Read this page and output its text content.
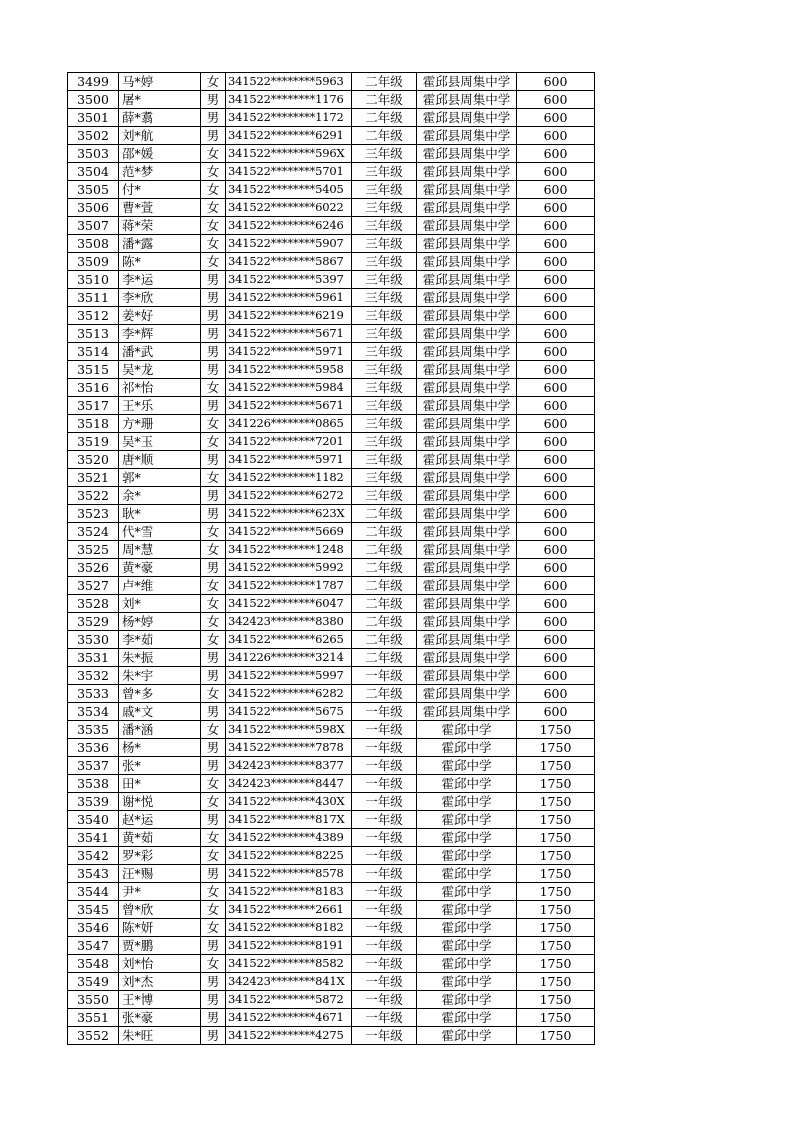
3499	马*婷	女	341522********5963	二年级	霍邱县周集中学	600
3500	屠*	男	341522********1176	二年级	霍邱县周集中学	600
3501	薛*翥	男	341522********1172	二年级	霍邱县周集中学	600
3502	刘*航	男	341522********6291	二年级	霍邱县周集中学	600
3503	邵*媛	女	341522********596X	三年级	霍邱县周集中学	600
3504	范*梦	女	341522********5701	三年级	霍邱县周集中学	600
3505	付*	女	341522********5405	三年级	霍邱县周集中学	600
3506	曹*萱	女	341522********6022	三年级	霍邱县周集中学	600
3507	蒋*荣	女	341522********6246	三年级	霍邱县周集中学	600
3508	潘*露	女	341522********5907	三年级	霍邱县周集中学	600
3509	陈*	女	341522********5867	三年级	霍邱县周集中学	600
3510	李*运	男	341522********5397	三年级	霍邱县周集中学	600
3511	李*欣	男	341522********5961	三年级	霍邱县周集中学	600
3512	姜*好	男	341522********6219	三年级	霍邱县周集中学	600
3513	李*辉	男	341522********5671	三年级	霍邱县周集中学	600
3514	潘*武	男	341522********5971	三年级	霍邱县周集中学	600
3515	吴*龙	男	341522********5958	三年级	霍邱县周集中学	600
3516	祁*怡	女	341522********5984	三年级	霍邱县周集中学	600
3517	王*乐	男	341522********5671	三年级	霍邱县周集中学	600
3518	方*珊	女	341226********0865	三年级	霍邱县周集中学	600
3519	吴*玉	女	341522********7201	三年级	霍邱县周集中学	600
3520	唐*顺	男	341522********5971	三年级	霍邱县周集中学	600
3521	郭*	女	341522********1182	三年级	霍邱县周集中学	600
3522	余*	男	341522********6272	三年级	霍邱县周集中学	600
3523	耿*	男	341522********623X	二年级	霍邱县周集中学	600
3524	代*雪	女	341522********5669	二年级	霍邱县周集中学	600
3525	周*慧	女	341522********1248	二年级	霍邱县周集中学	600
3526	黄*豪	男	341522********5992	二年级	霍邱县周集中学	600
3527	卢*维	女	341522********1787	二年级	霍邱县周集中学	600
3528	刘*	女	341522********6047	二年级	霍邱县周集中学	600
3529	杨*婷	女	342423********8380	二年级	霍邱县周集中学	600
3530	李*茹	女	341522********6265	二年级	霍邱县周集中学	600
3531	朱*振	男	341226********3214	二年级	霍邱县周集中学	600
3532	朱*宇	男	341522********5997	一年级	霍邱县周集中学	600
3533	曾*多	女	341522********6282	二年级	霍邱县周集中学	600
3534	戚*文	男	341522********5675	一年级	霍邱县周集中学	600
3535	潘*涵	女	341522********598X	一年级	霍邱中学	1750
3536	杨*	男	341522********7878	一年级	霍邱中学	1750
3537	张*	男	342423********8377	一年级	霍邱中学	1750
3538	田*	女	342423********8447	一年级	霍邱中学	1750
3539	谢*悦	女	341522********430X	一年级	霍邱中学	1750
3540	赵*运	男	341522********817X	一年级	霍邱中学	1750
3541	黄*茹	女	341522********4389	一年级	霍邱中学	1750
3542	罗*彩	女	341522********8225	一年级	霍邱中学	1750
3543	汪*赐	男	341522********8578	一年级	霍邱中学	1750
3544	尹*	女	341522********8183	一年级	霍邱中学	1750
3545	曾*欣	女	341522********2661	一年级	霍邱中学	1750
3546	陈*妍	女	341522********8182	一年级	霍邱中学	1750
3547	贾*鹏	男	341522********8191	一年级	霍邱中学	1750
3548	刘*怡	女	341522********8582	一年级	霍邱中学	1750
3549	刘*杰	男	342423********841X	一年级	霍邱中学	1750
3550	王*博	男	341522********5872	一年级	霍邱中学	1750
3551	张*豪	男	341522********4671	一年级	霍邱中学	1750
3552	朱*旺	男	341522********4275	一年级	霍邱中学	1750
